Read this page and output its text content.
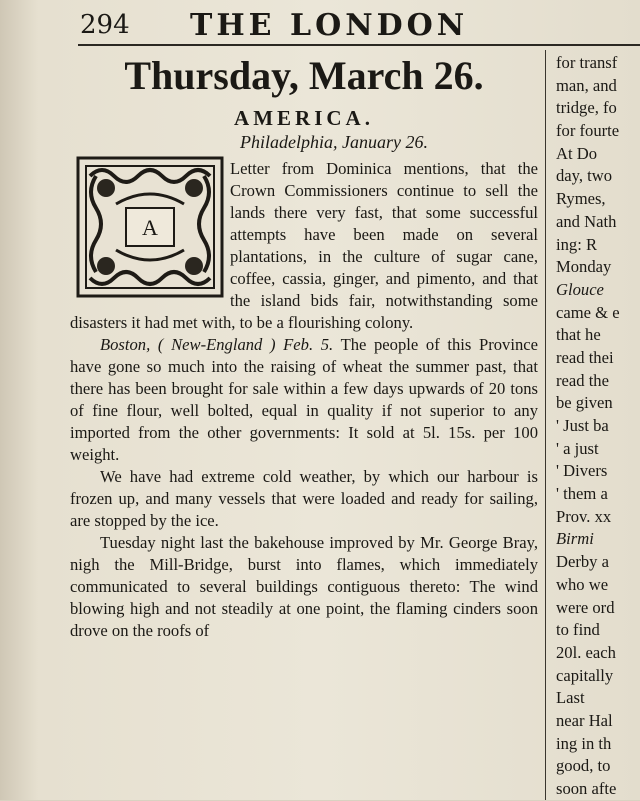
294 THE LONDON
Thursday, March 26.
AMERICA.
Philadelphia, January 26.
A

Letter from Dominica mentions, that the Crown Commissioners continue to sell the lands there very fast, that some successful attempts have been made on several plantations, in the culture of sugar cane, coffee, cassia, ginger, and pimento, and that the island bids fair, notwithstanding some disasters it had met with, to be a flourishing colony.

Boston, ( New-England ) Feb. 5. The people of this Province have gone so much into the raising of wheat the summer past, that there has been brought for sale within a few days upwards of 20 tons of fine flour, well bolted, equal in quality if not superior to any imported from the other governments: It sold at 5l. 15s. per 100 weight.

We have had extreme cold weather, by which our harbour is frozen up, and many vessels that were loaded and ready for sailing, are stopped by the ice.

Tuesday night last the bakehouse improved by Mr. George Bray, nigh the Mill-Bridge, burst into flames, which immediately communicated to several buildings contiguous thereto: The wind blowing high and not steadily at one point, the flaming cinders soon drove on the roofs of

for transf
man, and
tridge, fo
for fourte
At Do
day, two
Rymes,
and Nath
ing: R
Monday
Glouce
came & e
that he
read thei
read the
be given
' Just ba
' a just
' Divers
' them a
Prov. xx
Birmi
Derby a
who we
were ord
to find
20l. each
capitally
Last
near Hal
ing in th
good, to
soon afte
